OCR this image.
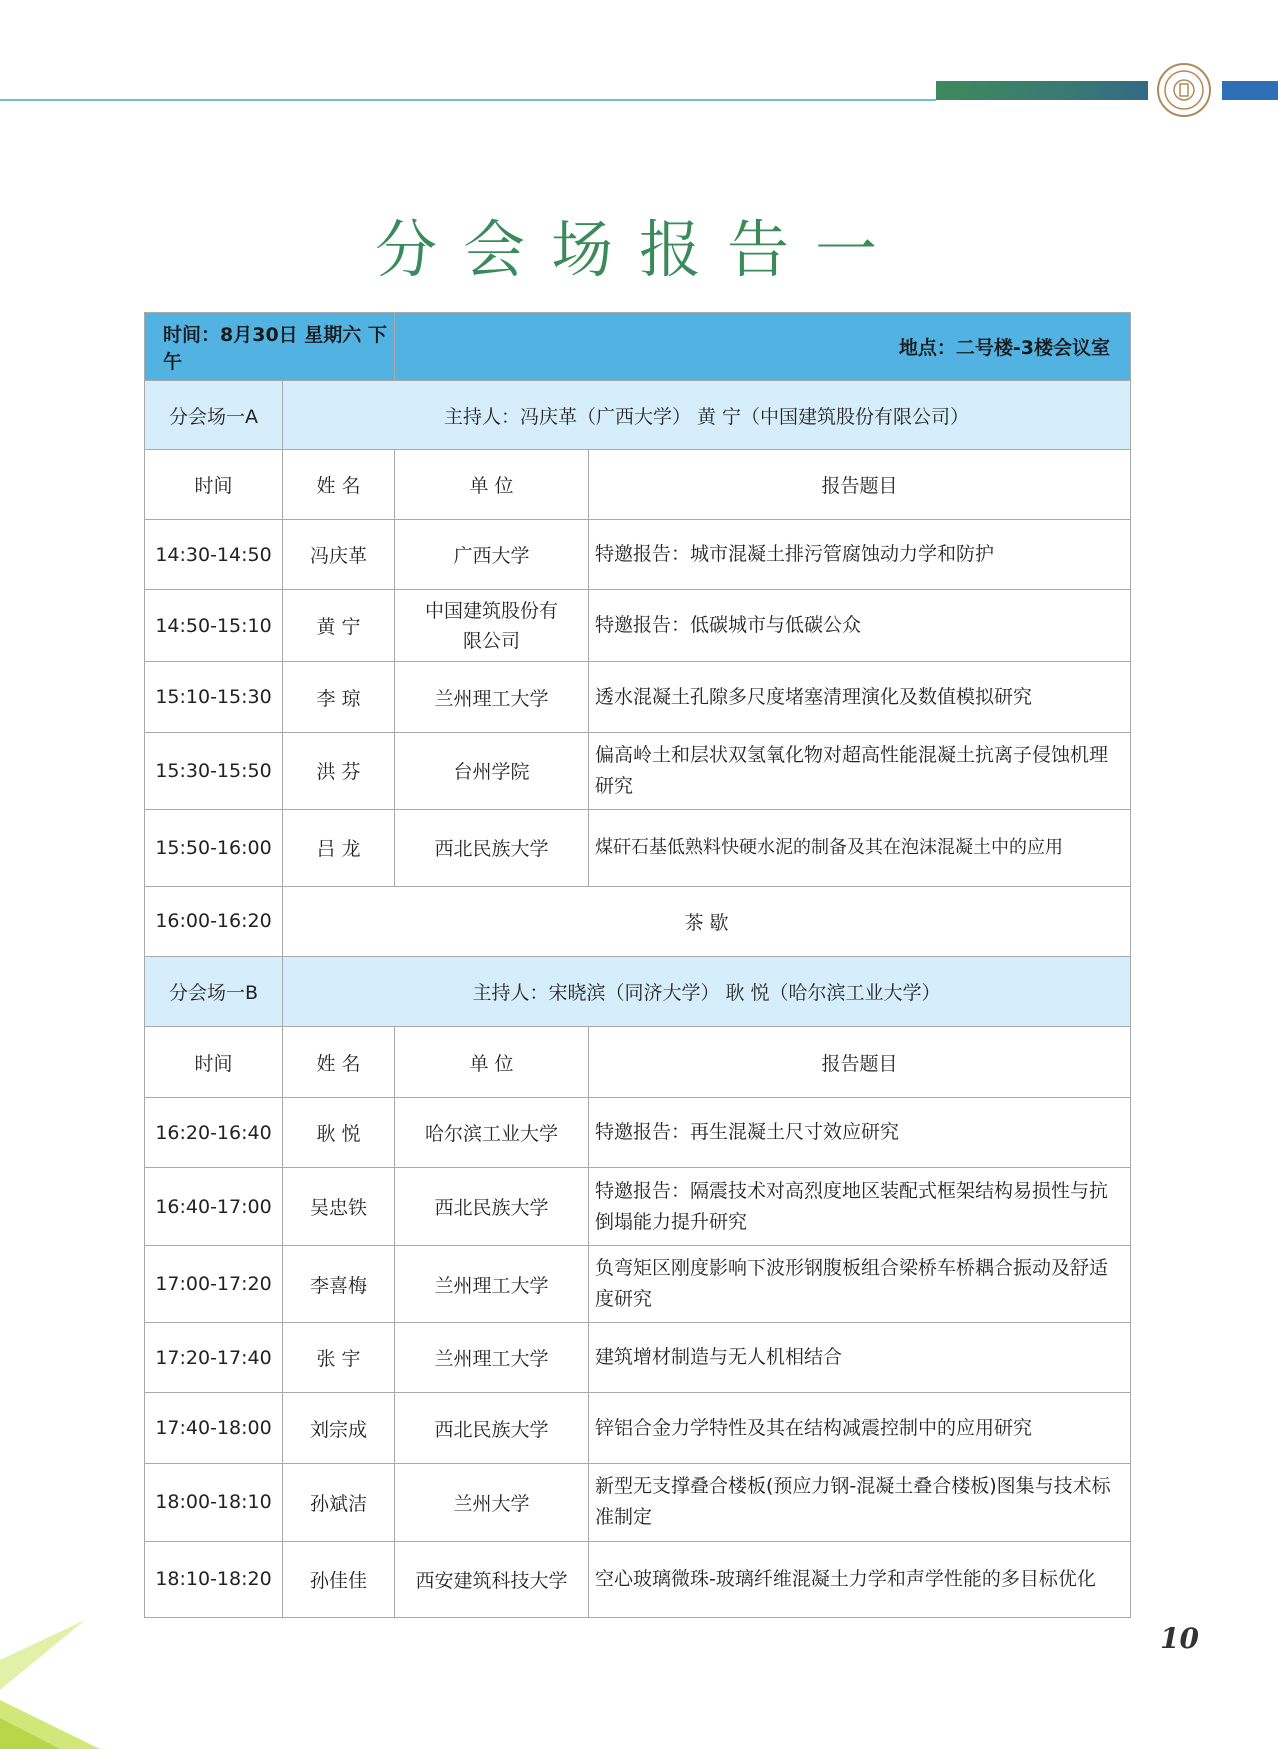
分会场报告一
时间：8月30日 星期六 下午		地点：二号楼-3楼会议室	
分会场一A	主持人：冯庆革（广西大学） 黄 宁（中国建筑股份有限公司）		
时间	姓 名	单 位	报告题目
14:30-14:50	冯庆革	广西大学	特邀报告：城市混凝土排污管腐蚀动力学和防护
14:50-15:10	黄 宁	中国建筑股份有限公司	特邀报告：低碳城市与低碳公众
15:10-15:30	李 琼	兰州理工大学	透水混凝土孔隙多尺度堵塞清理演化及数值模拟研究
15:30-15:50	洪 芬	台州学院	偏高岭土和层状双氢氧化物对超高性能混凝土抗离子侵蚀机理研究
15:50-16:00	吕 龙	西北民族大学	煤矸石基低熟料快硬水泥的制备及其在泡沫混凝土中的应用
16:00-16:20	茶 歇		
分会场一B	主持人：宋晓滨（同济大学） 耿 悦（哈尔滨工业大学）		
时间	姓 名	单 位	报告题目
16:20-16:40	耿 悦	哈尔滨工业大学	特邀报告：再生混凝土尺寸效应研究
16:40-17:00	吴忠铁	西北民族大学	特邀报告：隔震技术对高烈度地区装配式框架结构易损性与抗倒塌能力提升研究
17:00-17:20	李喜梅	兰州理工大学	负弯矩区刚度影响下波形钢腹板组合梁桥车桥耦合振动及舒适度研究
17:20-17:40	张 宇	兰州理工大学	建筑增材制造与无人机相结合
17:40-18:00	刘宗成	西北民族大学	锌铝合金力学特性及其在结构减震控制中的应用研究
18:00-18:10	孙斌洁	兰州大学	新型无支撑叠合楼板(预应力钢-混凝土叠合楼板)图集与技术标准制定
18:10-18:20	孙佳佳	西安建筑科技大学	空心玻璃微珠-玻璃纤维混凝土力学和声学性能的多目标优化
10
